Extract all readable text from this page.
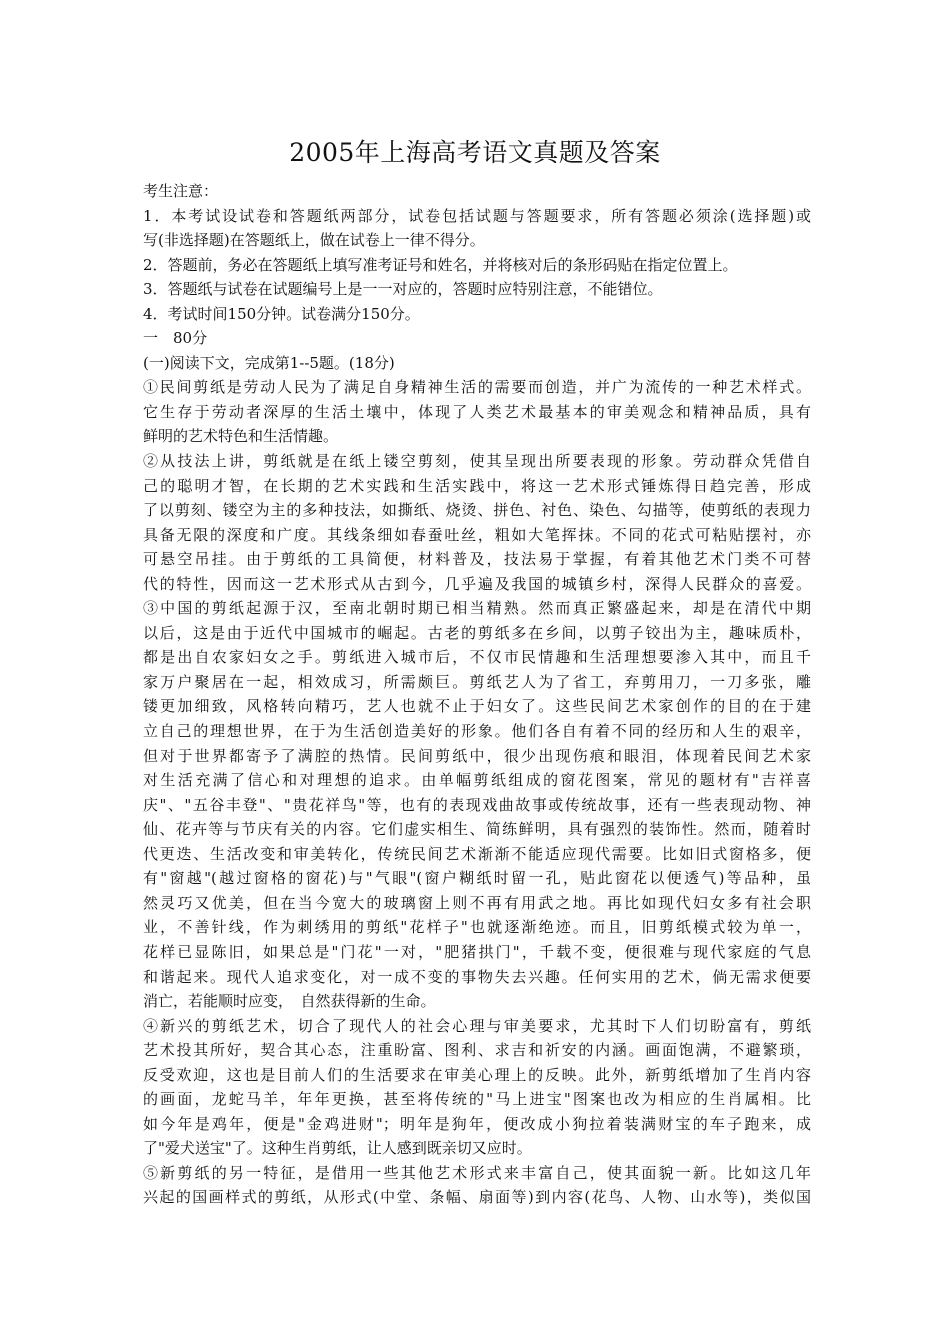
2005年上海高考语文真题及答案
考生注意：
1．本考试设试卷和答题纸两部分，试卷包括试题与答题要求，所有答题必须涂(选择题)或
写(非选择题)在答题纸上，做在试卷上一律不得分。
2．答题前，务必在答题纸上填写准考证号和姓名，并将核对后的条形码贴在指定位置上。
3．答题纸与试卷在试题编号上是一一对应的，答题时应特别注意，不能错位。
4．考试时间150分钟。试卷满分150分。
一　80分
(一)阅读下文，完成第1--5题。(18分)
①民间剪纸是劳动人民为了满足自身精神生活的需要而创造，并广为流传的一种艺术样式。
它生存于劳动者深厚的生活土壤中，体现了人类艺术最基本的审美观念和精神品质，具有
鲜明的艺术特色和生活情趣。
②从技法上讲，剪纸就是在纸上镂空剪刻，使其呈现出所要表现的形象。劳动群众凭借自
己的聪明才智，在长期的艺术实践和生活实践中，将这一艺术形式锤炼得日趋完善，形成
了以剪刻、镂空为主的多种技法，如撕纸、烧烫、拼色、衬色、染色、勾描等，使剪纸的表现力
具备无限的深度和广度。其线条细如春蚕吐丝，粗如大笔挥抹。不同的花式可粘贴摆衬，亦
可悬空吊挂。由于剪纸的工具简便，材料普及，技法易于掌握，有着其他艺术门类不可替
代的特性，因而这一艺术形式从古到今，几乎遍及我国的城镇乡村，深得人民群众的喜爱。
③中国的剪纸起源于汉，至南北朝时期已相当精熟。然而真正繁盛起来，却是在清代中期
以后，这是由于近代中国城市的崛起。古老的剪纸多在乡间，以剪子铰出为主，趣味质朴，
都是出自农家妇女之手。剪纸进入城市后，不仅市民情趣和生活理想要渗入其中，而且千
家万户聚居在一起，相效成习，所需颇巨。剪纸艺人为了省工，弃剪用刀，一刀多张，雕
镂更加细致，风格转向精巧，艺人也就不止于妇女了。这些民间艺术家创作的目的在于建
立自己的理想世界，在于为生活创造美好的形象。他们各自有着不同的经历和人生的艰辛，
但对于世界都寄予了满腔的热情。民间剪纸中，很少出现伤痕和眼泪，体现着民间艺术家
对生活充满了信心和对理想的追求。由单幅剪纸组成的窗花图案，常见的题材有"吉祥喜
庆"、"五谷丰登"、"贵花祥鸟"等，也有的表现戏曲故事或传统故事，还有一些表现动物、神
仙、花卉等与节庆有关的内容。它们虚实相生、简练鲜明，具有强烈的装饰性。然而，随着时
代更迭、生活改变和审美转化，传统民间艺术渐渐不能适应现代需要。比如旧式窗格多，便
有"窗越"(越过窗格的窗花)与"气眼"(窗户糊纸时留一孔，贴此窗花以便透气)等品种，虽
然灵巧又优美，但在当今宽大的玻璃窗上则不再有用武之地。再比如现代妇女多有社会职
业，不善针线，作为刺绣用的剪纸"花样子"也就逐渐绝迹。而且，旧剪纸模式较为单一，
花样已显陈旧，如果总是"门花"一对，"肥猪拱门"，千载不变，便很难与现代家庭的气息
和谐起来。现代人追求变化，对一成不变的事物失去兴趣。任何实用的艺术，倘无需求便要
消亡，若能顺时应变，　自然获得新的生命。
④新兴的剪纸艺术，切合了现代人的社会心理与审美要求，尤其时下人们切盼富有，剪纸
艺术投其所好，契合其心态，注重盼富、图利、求吉和祈安的内涵。画面饱满，不避繁琐，
反受欢迎，这也是目前人们的生活要求在审美心理上的反映。此外，新剪纸增加了生肖内容
的画面，龙蛇马羊，年年更换，甚至将传统的"马上进宝"图案也改为相应的生肖属相。比
如今年是鸡年，便是"金鸡进财"；明年是狗年，便改成小狗拉着装满财宝的车子跑来，成
了"爱犬送宝"了。这种生肖剪纸，让人感到既亲切又应时。
⑤新剪纸的另一特征，是借用一些其他艺术形式来丰富自己，使其面貌一新。比如这几年
兴起的国画样式的剪纸，从形式(中堂、条幅、扇面等)到内容(花鸟、人物、山水等)，类似国
